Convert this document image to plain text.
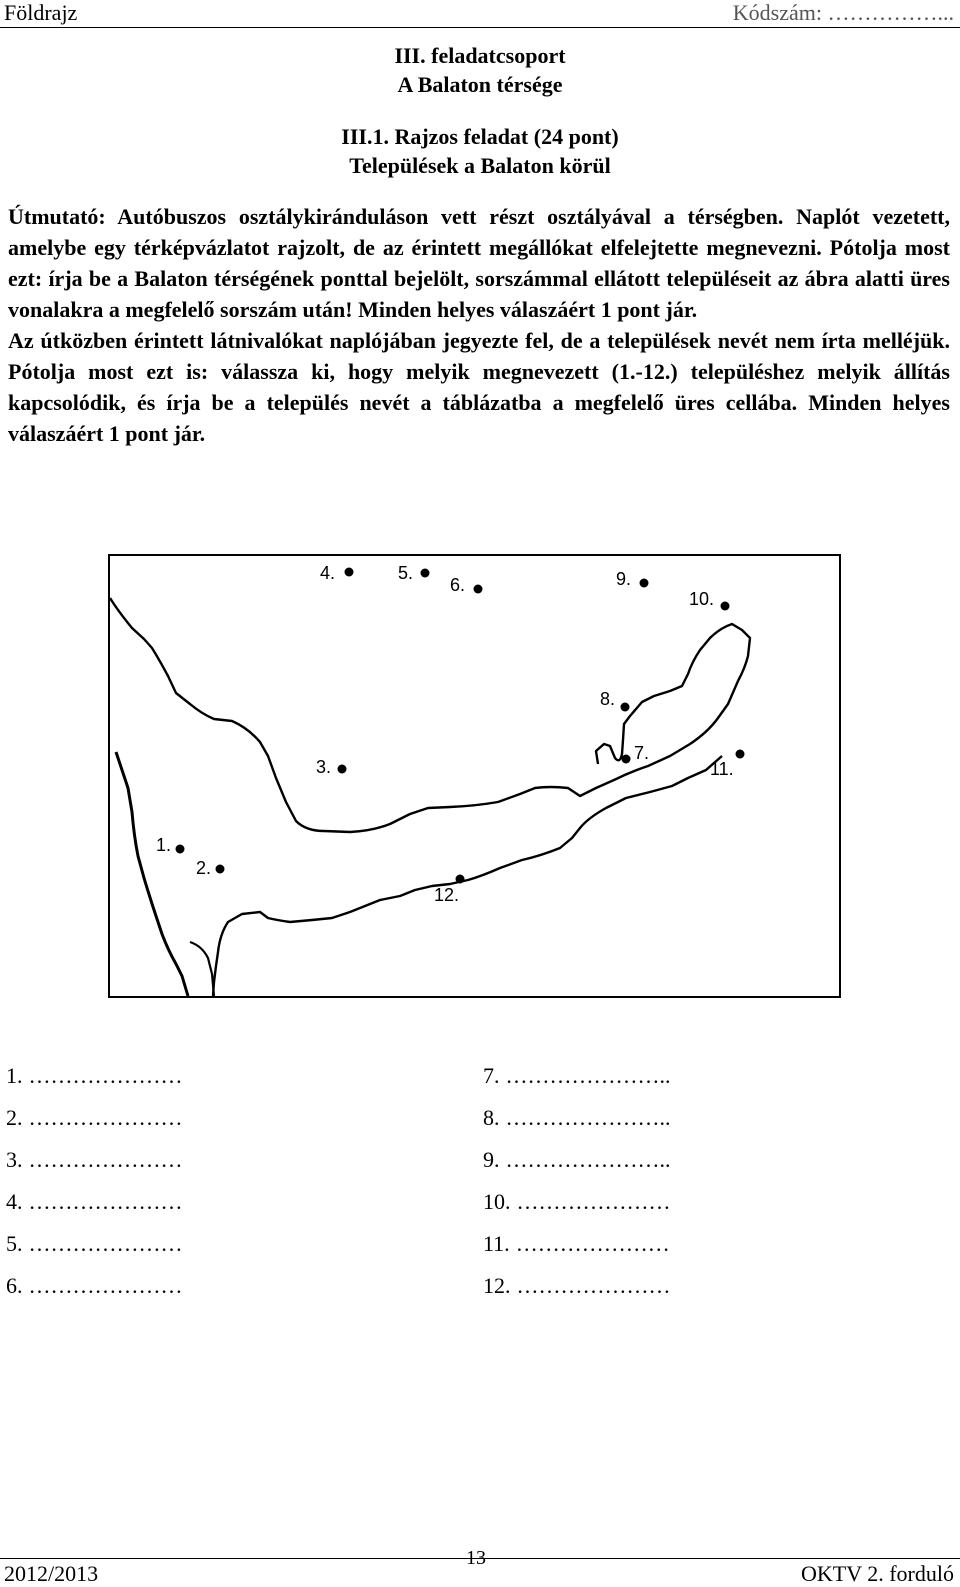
Földrajz	Kódszám: ……………...
III. feladatcsoport
A Balaton térsége
III.1. Rajzos feladat (24 pont)
Települések a Balaton körül

Útmutató: Autóbuszos osztálykiránduláson vett részt osztályával a térségben. Naplót vezetett, amelybe egy térképvázlatot rajzolt, de az érintett megállókat elfelejtette megnevezni. Pótolja most ezt: írja be a Balaton térségének ponttal bejelölt, sorszámmal ellátott településeit az ábra alatti üres vonalakra a megfelelő sorszám után! Minden helyes válaszáért 1 pont jár.

Az útközben érintett látnivalókat naplójában jegyezte fel, de a települések nevét nem írta melléjük. Pótolja most ezt is: válassza ki, hogy melyik megnevezett (1.-12.) településhez melyik állítás kapcsolódik, és írja be a település nevét a táblázatba a megfelelő üres cellába. Minden helyes válaszáért 1 pont jár.

4.	5.
6.	9.
10.
8.
7.
11.
3.
1.
2.
12.
1. …………………
2. …………………
3. …………………
4. …………………
5. …………………
6. …………………
7. …………………..
8. …………………..
9. …………………..
10. …………………
11. …………………
12. …………………
2012/2013
13
OKTV 2. forduló
